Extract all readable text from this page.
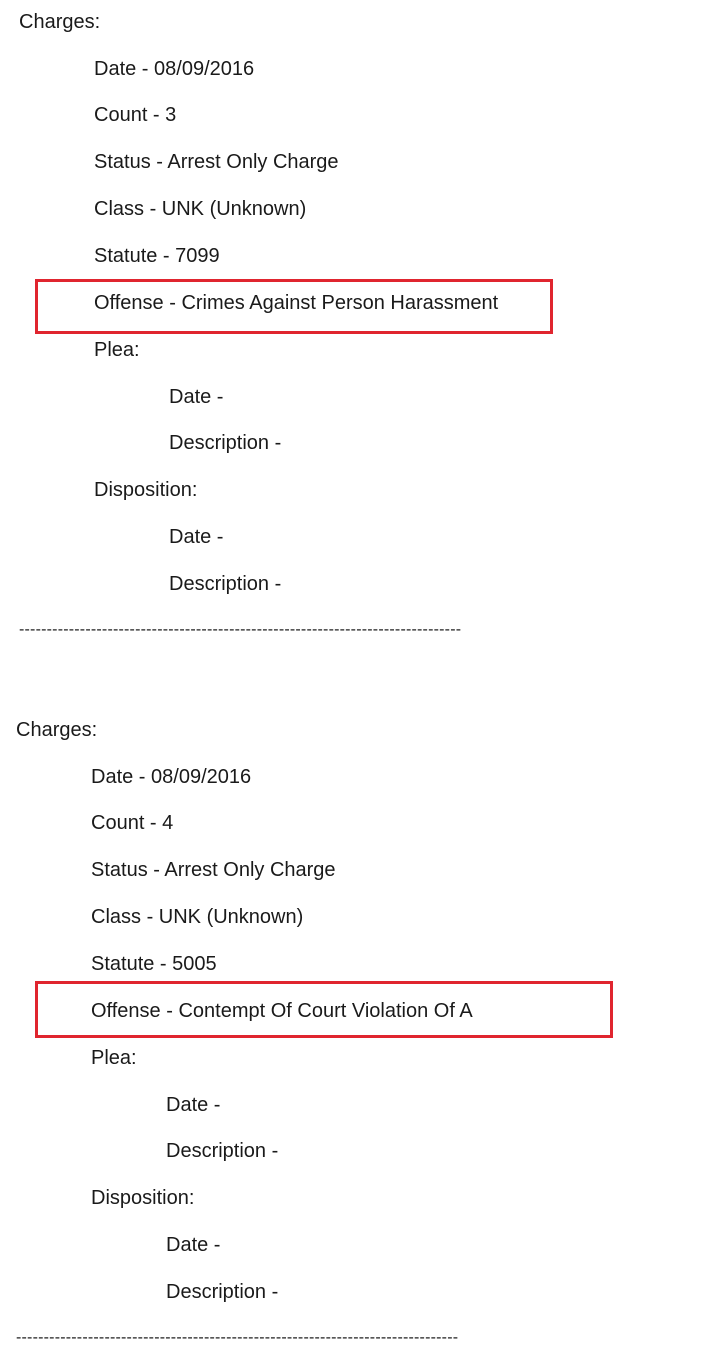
Charges:
Date - 08/09/2016
Count - 3
Status - Arrest Only Charge
Class - UNK (Unknown)
Statute - 7099
Offense - Crimes Against Person Harassment
Plea:
Date -
Description -
Disposition:
Date -
Description -
--------------------------------------------------------------------------------
Charges:
Date - 08/09/2016
Count - 4
Status - Arrest Only Charge
Class - UNK (Unknown)
Statute - 5005
Offense - Contempt Of Court Violation Of A
Plea:
Date -
Description -
Disposition:
Date -
Description -
--------------------------------------------------------------------------------
